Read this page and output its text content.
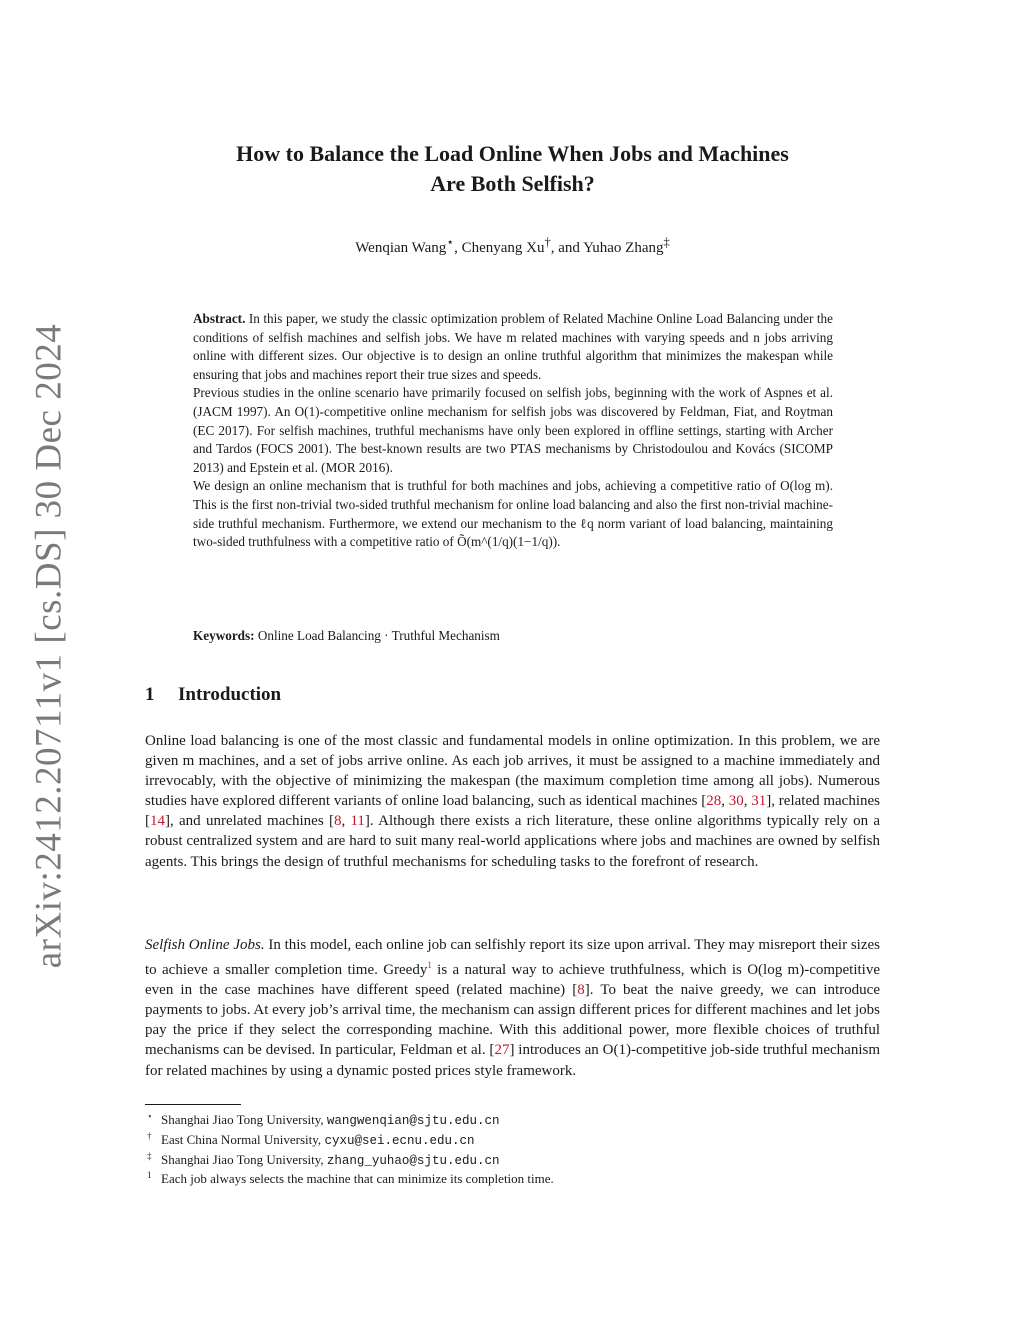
arXiv:2412.20711v1 [cs.DS] 30 Dec 2024
How to Balance the Load Online When Jobs and Machines
Are Both Selfish?
Wenqian Wang⋆, Chenyang Xu†, and Yuhao Zhang‡

Abstract. In this paper, we study the classic optimization problem of Related Machine Online Load Balancing under the conditions of selfish machines and selfish jobs. We have m related machines with varying speeds and n jobs arriving online with different sizes. Our objective is to design an online truthful algorithm that minimizes the makespan while ensuring that jobs and machines report their true sizes and speeds.

Previous studies in the online scenario have primarily focused on selfish jobs, beginning with the work of Aspnes et al. (JACM 1997). An O(1)-competitive online mechanism for selfish jobs was discovered by Feldman, Fiat, and Roytman (EC 2017). For selfish machines, truthful mechanisms have only been explored in offline settings, starting with Archer and Tardos (FOCS 2001). The best-known results are two PTAS mechanisms by Christodoulou and Kovács (SICOMP 2013) and Epstein et al. (MOR 2016).

We design an online mechanism that is truthful for both machines and jobs, achieving a competitive ratio of O(log m). This is the first non-trivial two-sided truthful mechanism for online load balancing and also the first non-trivial machine-side truthful mechanism. Furthermore, we extend our mechanism to the ℓq norm variant of load balancing, maintaining two-sided truthfulness with a competitive ratio of Õ(m^(1/q)(1−1/q)).

Keywords: Online Load Balancing · Truthful Mechanism
1 Introduction

Online load balancing is one of the most classic and fundamental models in online optimization. In this problem, we are given m machines, and a set of jobs arrive online. As each job arrives, it must be assigned to a machine immediately and irrevocably, with the objective of minimizing the makespan (the maximum completion time among all jobs). Numerous studies have explored different variants of online load balancing, such as identical machines [28, 30, 31], related machines [14], and unrelated machines [8, 11]. Although there exists a rich literature, these online algorithms typically rely on a robust centralized system and are hard to suit many real-world applications where jobs and machines are owned by selfish agents. This brings the design of truthful mechanisms for scheduling tasks to the forefront of research.

Selfish Online Jobs. In this model, each online job can selfishly report its size upon arrival. They may misreport their sizes to achieve a smaller completion time. Greedy$^1$ is a natural way to achieve truthfulness, which is O(log m)-competitive even in the case machines have different speed (related machine) [8]. To beat the naive greedy, we can introduce payments to jobs. At every job’s arrival time, the mechanism can assign different prices for different machines and let jobs pay the price if they select the corresponding machine. With this additional power, more flexible choices of truthful mechanisms can be devised. In particular, Feldman et al. [27] introduces an O(1)-competitive job-side truthful mechanism for related machines by using a dynamic posted prices style framework.

⋆ Shanghai Jiao Tong University, wangwenqian@sjtu.edu.cn
† East China Normal University, cyxu@sei.ecnu.edu.cn
‡ Shanghai Jiao Tong University, zhang_yuhao@sjtu.edu.cn
1 Each job always selects the machine that can minimize its completion time.
